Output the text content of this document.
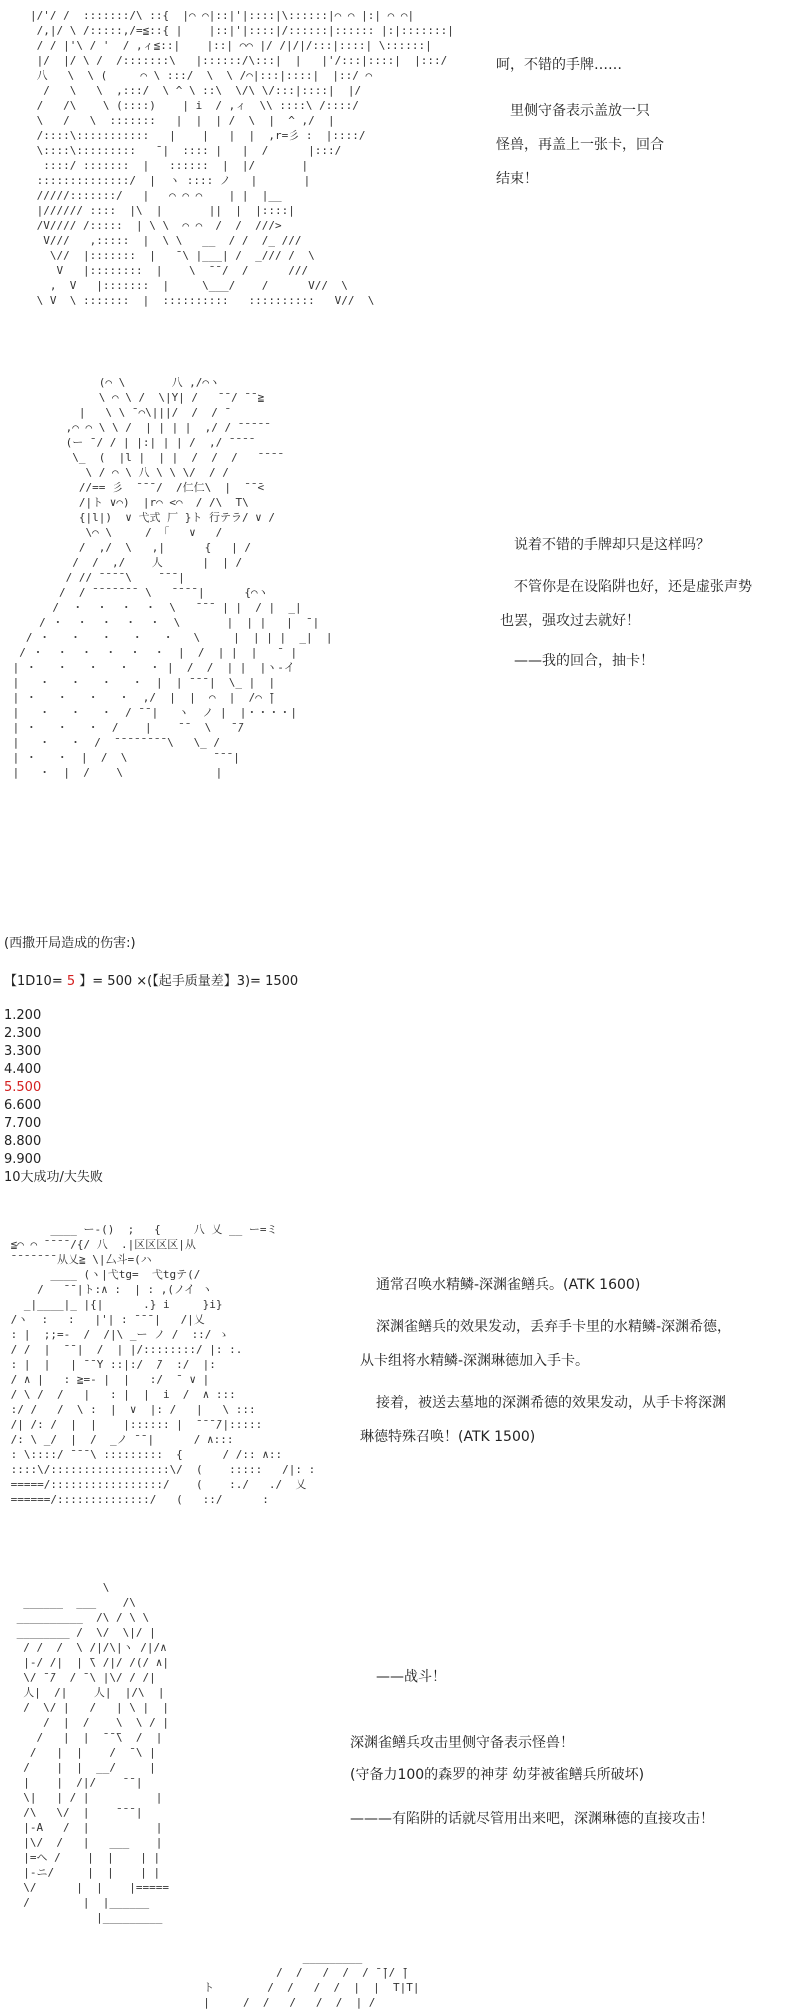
|/'/ /  :::::::/\ ::{  |⌒ ⌒|::|'|::::|\::::::|⌒ ⌒ |:| ⌒ ⌒|
/,|/ \ /:::::,/=≦::{ |    |::|'|::::|/::::::|:::::: |:|:::::::|
/ / |'\ / '  / ,ィ≦::|    |::| ⌒⌒ |/ /|/|/:::|::::| \::::::|
|/  |/ \ /  /:::::::\   |::::::/\:::|  |   |'/:::|::::|  |:::/
八   \  \ (     ⌒ \ :::/  \  \ /⌒|:::|::::|  |::/ ⌒
/   \   \  ,:::/  \ ^ \ ::\  \/\ \/:::|::::|  |/
/   /\    \ (::::)    | i  / ,ィ  \\ ::::\ /::::/
\   /   \  :::::::   |  |  | /  \  |  ^ ,/  |
/::::\:::::::::::   |    |   |  |  ,r=彡 :  |::::/
\::::\:::::::::   ̄ |  :::: |   |  /      |:::/
::::/ :::::::  |   ::::::  |  |/       |
::::::::::::::/  |  ヽ :::: ノ   |       |
/////:::::::/   |   ⌒ ⌒ ⌒    | |  |__
|////// ::::  |\  |       ||  |  |::::|
/V//// /:::::  | \ \  ⌒ ⌒  /  /  ///>
V///   ,:::::  |  \ \   __  / /  /_ ///
\//  |:::::::  |   ̄ \ |___| /  _/// /  \
V   |::::::::  |    \  ̄ ̄ /  /      ///
,  V   |:::::::  |     \___/    /      V//  \
\ V  \ :::::::  |  ::::::::::   ::::::::::   V//  \

呵，不错的手牌……

里侧守备表示盖放一只

怪兽，再盖上一张卡，回合

结束！

(⌒ \       八 ,/⌒ヽ
\ ⌒ \ /  \|Y| /   ̄ ̄ / ̄ ̄ ≧
|   \ \ ̄ ⌒\|||/  /  / ̄
,⌒ ⌒ \ \ /  | | | |  ,/ / ̄ ̄ ̄ ̄ ̄
(ー ̄ / / | |:| | | /  ,/ ̄ ̄ ̄ ̄
\_  (  |l |  | |  /  /  /   ̄ ̄ ̄ ̄
\ / ⌒ \ 八 \ \ \/  / /
//== 彡  ̄ ̄ ̄ /  /仁仁\  |  ̄ ̄ ̄<
/|ト ∨⌒)  |r⌒ <⌒  / /\  T\
{|l|)  ∨ 弋式 厂 }ト 行テラ/ ∨ /
\⌒ \     / 「   ∨   /
/  ,/  \   ,|      {   | /
/  /  ,/    人      |  | /
/ // ̄ ̄ ̄ ̄ \    ̄ ̄ ̄ |
/  / ̄ ̄ ̄ ̄ ̄ ̄ ̄  \   ̄ ̄ ̄ ̄ |      {⌒ヽ
/  ・  ・  ・  ・  \   ̄ ̄ ̄  | |  / |  _|
/ ・  ・  ・  ・  ・  \       |  | |   |  ̄ |
/ ・   ・   ・   ・   ・   \     |  | | |  _|  |
/ ・  ・  ・  ・  ・  ・  |  /  | |  |   ̄  |
| ・   ・   ・   ・   ・ |  /  /  | |  |ヽ-イ
|   ・   ・   ・   ・  |  | ̄ ̄ ̄ |  \_ |  |
| ・   ・   ・   ・  ,/  |  |  ⌒  |  /⌒ ̄|
|   ・   ・   ・  / ̄ ̄ |   ヽ  ノ |  |・・・・|
| ・   ・   ・  /    |    ̄ ̄   \   ̄ ̄/
|   ・   ・  /  ̄ ̄ ̄ ̄ ̄ ̄ ̄ ̄ \   \_ /
| ・   ・  |  /  \             ̄ ̄ ̄ |
|   ・  |  /    \              |

说着不错的手牌却只是这样吗？

不管你是在设陷阱也好，还是虚张声势

也罢，强攻过去就好！

——我的回合，抽卡！

(西撒开局造成的伤害:)
【1D10= 5 】= 500 ×(【起手质量差】3)= 1500
1.200
2.300
3.300
4.400
5.500
6.600
7.700
8.800
9.900
10大成功/大失败
____ ー-()  ;   {     八 乂 __ ー=ミ
≦⌒ ⌒ ̄ ̄ ̄ ̄ /{/ 八  .|区区区区|从
̄ ̄ ̄ ̄ ̄ ̄ ̄ 从乂≧ \|厶斗=(ハ
____ (ヽ|弋tg=  弋tgテ(/
/   ̄ ̄ |ト:∧ :  | : ,(ノイ ヽ
_|____|_ |{|      .} i     }i}
/ヽ  :   :   |'| : ̄ ̄ ̄ |   /|乂
: |  ;;=-  /  /|\ _ー ノ /  ::/ ゝ
/ /  |  ̄ ̄ |  /  | |/::::::::/ |: :.
: |  |   | ̄ ̄ Y ::|:/  ̄/  :/  |:
/ ∧ |   : ≧=- |  |   :/  ̄  ∨ |
/ \ /  /   |   : |  |  i  /  ∧ :::
:/ /   /  \ :  |  ∨  |: /   |   \ :::
/| /: /  |  |    |:::::: |  ̄ ̄ ̄ ̄/|:::::
/: \ _/  |  /  _ノ ̄ ̄ |      / ∧:::
: \::::/ ̄ ̄ ̄ \ :::::::::  {      / /:: ∧::
::::\/::::::::::::::::::\/  (    :::::   /|: :
=====/:::::::::::::::::/    (    :./   ./  乂
======/::::::::::::::/   (   ::/      :

通常召唤水精鳞-深渊雀鳝兵。(ATK 1600)

深渊雀鳝兵的效果发动，丢弃手卡里的水精鳞-深渊希德，

从卡组将水精鳞-深渊琳德加入手卡。

接着，被送去墓地的深渊希德的效果发动，从手卡将深渊

琳德特殊召唤！(ATK 1500)

\
______  ___    /\
__________  /\ / \ \
________ /  \/  \|/ |
/ /  /  \ /|/\|ヽ /|/∧
|-/ /|  | ̄\ /|/ /(/ ∧|
\/ ̄ ̄/  / ̄ \ |\/ / /|
人|  /|    人|  |/\  |
/  \/ |   /   | \ |  |
/  |  /    \  \ / |
/   |  |  ̄ ̄ ̄\  /  |
/   |  |    /  ̄ \ |
/    |  |  __/     |
|    |  /|/    ̄ ̄ |
\|   | / |          |
/\   \/  |    ̄ ̄ ̄ |
|-A   /  |          |
|\/  /   |   ___    |
|=ヘ /    |  |    | |
|-ニ/     |  |    | |
\/      |  |    |=====
/        |  |______
|_________

——战斗！

深渊雀鳝兵攻击里侧守备表示怪兽！

(守备力100的森罗的神芽 幼芽被雀鳝兵所破坏)

———有陷阱的话就尽管用出来吧，深渊琳德的直接攻击！

_________
/  /   /  /  / ̄ ̄|/ ̄|
ト        /  /   /  /  |  |  T|T|
|     /  /   /   /  /  | /
